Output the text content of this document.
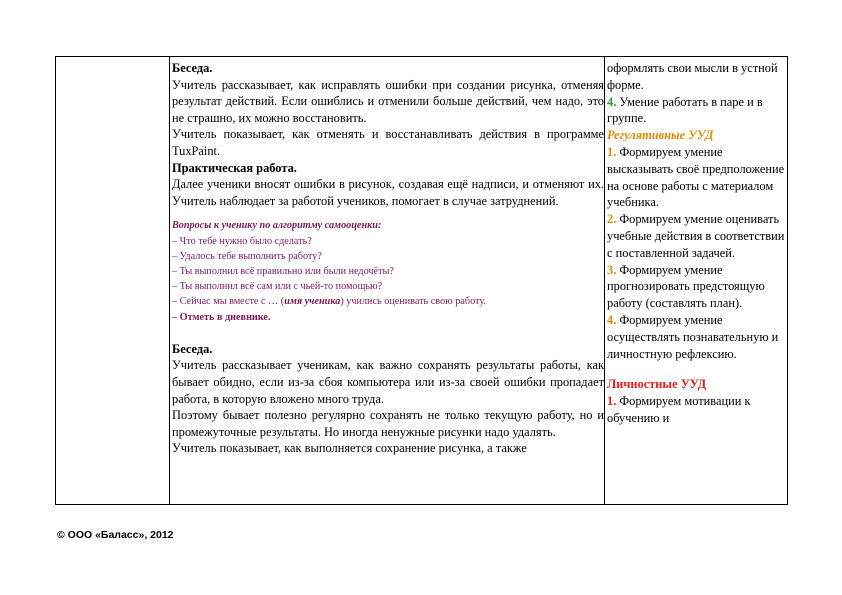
Беседа.

Учитель рассказывает, как исправлять ошибки при создании рисунка, отменяя результат действий. Если ошиблись и отменили больше действий, чем надо, это не страшно, их можно восстановить.

Учитель показывает, как отменять и восстанавливать действия в программе TuxPaint.

Практическая работа.

Далее ученики вносят ошибки в рисунок, создавая ещё надписи, и отменяют их. Учитель наблюдает за работой учеников, помогает в случае затруднений.

Вопросы к ученику по алгоритму самооценки:

– Что тебе нужно было сделать?

– Удалось тебе выполнить работу?

– Ты выполнил всё правильно или были недочёты?

– Ты выполнил всё сам или с чьей-то помощью?

– Сейчас мы вместе с … (имя ученика) учились оценивать свою работу.

– Отметь в дневнике.

Беседа.

Учитель рассказывает ученикам, как важно сохранять результаты работы, как бывает обидно, если из-за сбоя компьютера или из-за своей ошибки пропадает работа, в которую вложено много труда.

Поэтому бывает полезно регулярно сохранять не только текущую работу, но и промежуточные результаты. Но иногда ненужные рисунки надо удалять.

Учитель показывает, как выполняется сохранение рисунка, а также

оформлять свои мысли в устной форме.

4. Умение работать в паре и в группе.

Регулятивные УУД

1. Формируем умение высказывать своё предположение на основе работы с материалом учебника.

2. Формируем умение оценивать учебные действия в соответствии с поставленной задачей.

3. Формируем умение прогнозировать предстоящую работу (составлять план).

4. Формируем умение осуществлять познавательную и личностную рефлексию.

Личностные УУД

1. Формируем мотивации к обучению и

© ООО «Баласс», 2012
